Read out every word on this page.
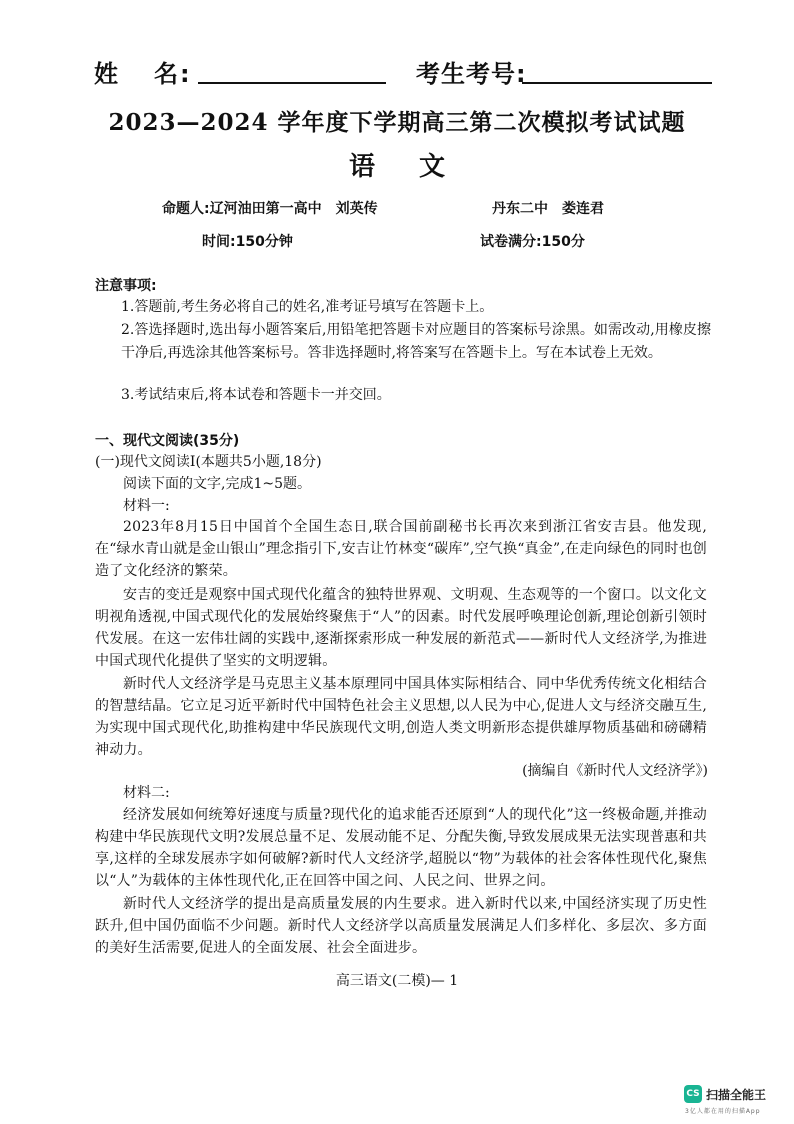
姓 名:	考生考号:
2023—2024 学年度下学期高三第二次模拟考试试题
语 文
命题人:辽河油田第一高中　刘英传	丹东二中　娄连君
时间:150分钟	试卷满分:150分
注意事项:
1.答题前,考生务必将自己的姓名,准考证号填写在答题卡上。
2.答选择题时,选出每小题答案后,用铅笔把答题卡对应题目的答案标号涂黑。如需改动,用橡皮擦干净后,再选涂其他答案标号。答非选择题时,将答案写在答题卡上。写在本试卷上无效。
3.考试结束后,将本试卷和答题卡一并交回。
一、现代文阅读(35分)
(一)现代文阅读Ⅰ(本题共5小题,18分)
阅读下面的文字,完成1~5题。
材料一:
2023年8月15日中国首个全国生态日,联合国前副秘书长再次来到浙江省安吉县。他发现,在“绿水青山就是金山银山”理念指引下,安吉让竹林变“碳库”,空气换“真金”,在走向绿色的同时也创造了文化经济的繁荣。
安吉的变迁是观察中国式现代化蕴含的独特世界观、文明观、生态观等的一个窗口。以文化文明视角透视,中国式现代化的发展始终聚焦于“人”的因素。时代发展呼唤理论创新,理论创新引领时代发展。在这一宏伟壮阔的实践中,逐渐探索形成一种发展的新范式——新时代人文经济学,为推进中国式现代化提供了坚实的文明逻辑。
新时代人文经济学是马克思主义基本原理同中国具体实际相结合、同中华优秀传统文化相结合的智慧结晶。它立足习近平新时代中国特色社会主义思想,以人民为中心,促进人文与经济交融互生,为实现中国式现代化,助推构建中华民族现代文明,创造人类文明新形态提供雄厚物质基础和磅礴精神动力。
(摘编自《新时代人文经济学》)
材料二:
经济发展如何统筹好速度与质量?现代化的追求能否还原到“人的现代化”这一终极命题,并推动构建中华民族现代文明?发展总量不足、发展动能不足、分配失衡,导致发展成果无法实现普惠和共享,这样的全球发展赤字如何破解?新时代人文经济学,超脱以“物”为载体的社会客体性现代化,聚焦以“人”为载体的主体性现代化,正在回答中国之问、人民之问、世界之问。
新时代人文经济学的提出是高质量发展的内生要求。进入新时代以来,中国经济实现了历史性跃升,但中国仍面临不少问题。新时代人文经济学以高质量发展满足人们多样化、多层次、多方面的美好生活需要,促进人的全面发展、社会全面进步。
高三语文(二模)— 1
CS 扫描全能王
3亿人都在用的扫描App
